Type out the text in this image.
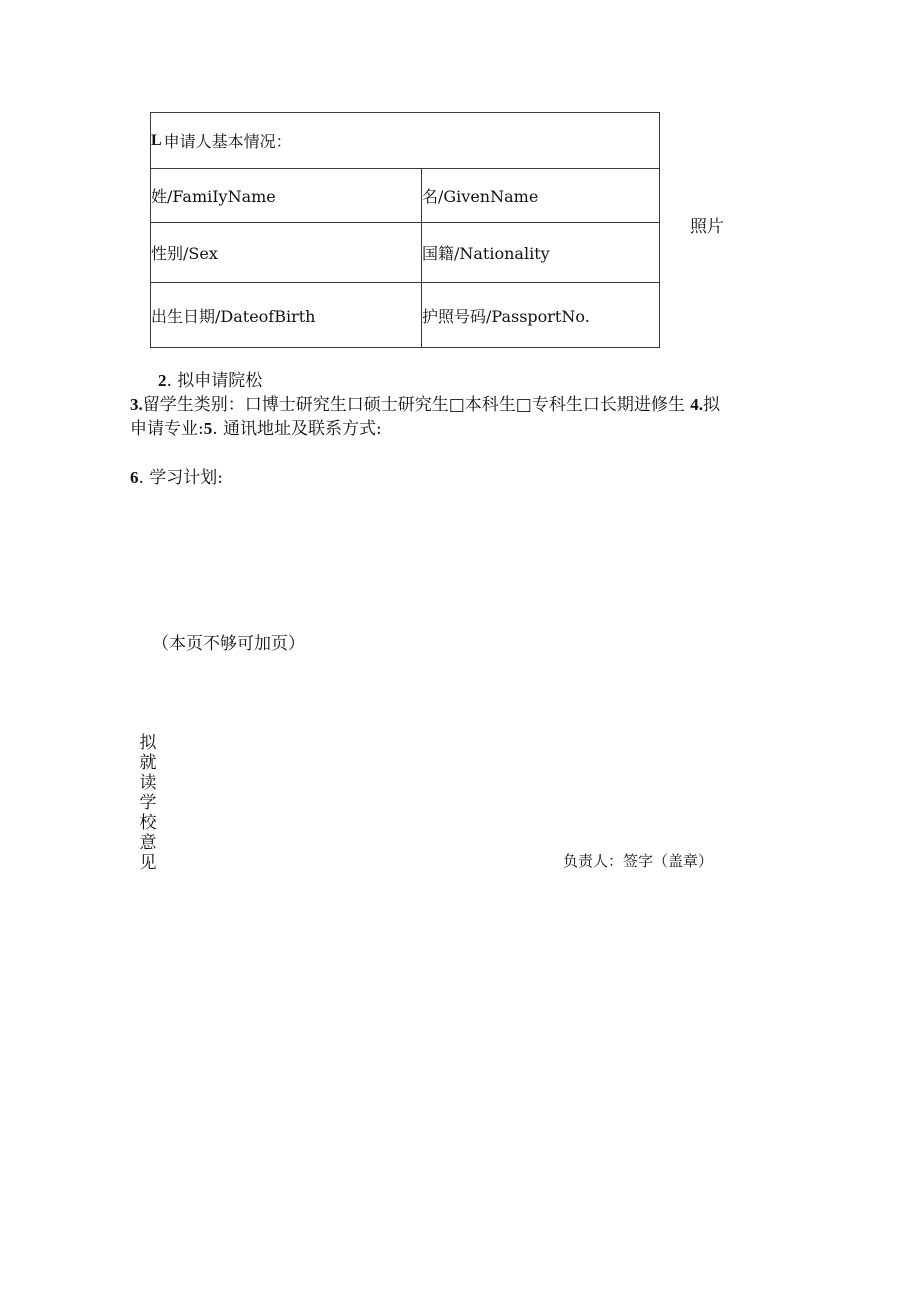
L 申请人基本情况：
姓/FamiIyName	名/GivenName
性别/Sex	国籍/Nationality
出生日期/DateofBirth	护照号码/PassportNo.
照片
2. 拟申请院松
3.留学生类别：口博士研究生口硕士研究生□本科生□专科生口长期进修生 4.拟
申请专业:5. 通讯地址及联系方式:
6. 学习计划:
（本页不够可加页）
拟
就
读
学
校
意
见	负责人：签字（盖章）
